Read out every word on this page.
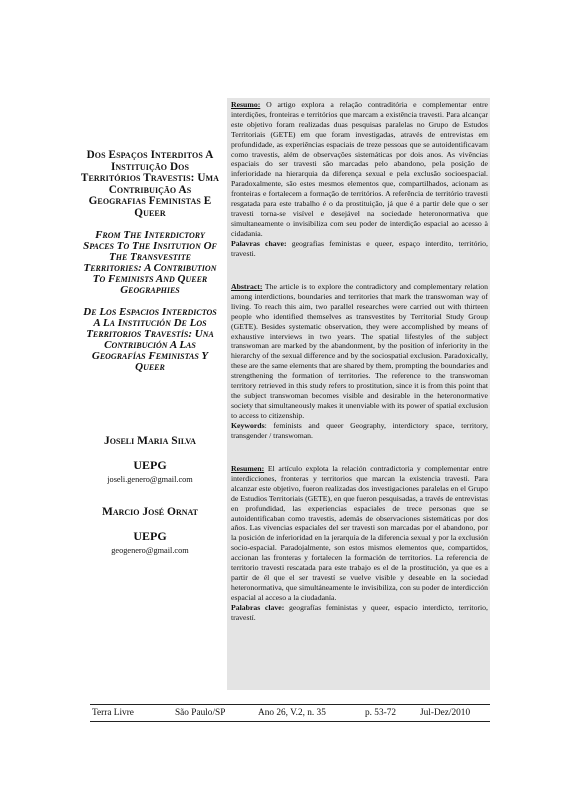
Dos Espaços Interditos A Instituição Dos Territórios Travestis: Uma Contribuição As Geografias Feministas E Queer
From The Interdictory Spaces To The Insitution Of The Transvestite Territories: A Contribution To Feminists And Queer Geographies
De Los Espacios Interdictos A La Institución De Los Territorios Travestís: Una Contribución A Las Geografías Feministas Y Queer
Joseli Maria Silva
UEPG
joseli.genero@gmail.com
Marcio José Ornat
UEPG
geogenero@gmail.com
Resumo: O artigo explora a relação contraditória e complementar entre interdições, fronteiras e territórios que marcam a existência travesti. Para alcançar este objetivo foram realizadas duas pesquisas paralelas no Grupo de Estudos Territoriais (GETE) em que foram investigadas, através de entrevistas em profundidade, as experiências espaciais de treze pessoas que se autoidentificavam como travestis, além de observações sistemáticas por dois anos. As vivências espaciais do ser travesti são marcadas pelo abandono, pela posição de inferioridade na hierarquia da diferença sexual e pela exclusão socioespacial. Paradoxalmente, são estes mesmos elementos que, compartilhados, acionam as fronteiras e fortalecem a formação de territórios. A referência de território travesti resgatada para este trabalho é o da prostituição, já que é a partir dele que o ser travesti torna-se visível e desejável na sociedade heteronormativa que simultaneamente o invisibiliza com seu poder de interdição espacial ao acesso à cidadania.
Palavras chave: geografias feministas e queer, espaço interdito, território, travesti.
Abstract: The article is to explore the contradictory and complementary relation among interdictions, boundaries and territories that mark the transwoman way of living. To reach this aim, two parallel researches were carried out with thirteen people who identified themselves as transvestites by Territorial Study Group (GETE). Besides systematic observation, they were accomplished by means of exhaustive interviews in two years. The spatial lifestyles of the subject transwoman are marked by the abandonment, by the position of inferiority in the hierarchy of the sexual difference and by the sociospatial exclusion. Paradoxically, these are the same elements that are shared by them, prompting the boundaries and strengthening the formation of territories. The reference to the transwoman territory retrieved in this study refers to prostitution, since it is from this point that the subject transwoman becomes visible and desirable in the heteronormative society that simultaneously makes it unenviable with its power of spatial exclusion to access to citizenship.
Keywords: feminists and queer Geography, interdictory space, territory, transgender / transwoman.
Resumen: El artículo explota la relación contradictoria y complementar entre interdicciones, fronteras y territorios que marcan la existencia travesti. Para alcanzar este objetivo, fueron realizadas dos investigaciones paralelas en el Grupo de Estudios Territoriais (GETE), en que fueron pesquisadas, a través de entrevistas en profundidad, las experiencias espaciales de trece personas que se autoidentificaban como travestis, además de observaciones sistemáticas por dos años. Las vivencias espaciales del ser travesti son marcadas por el abandono, por la posición de inferioridad en la jerarquía de la diferencia sexual y por la exclusión socio-espacial. Paradojalmente, son estos mismos elementos que, compartidos, accionan las fronteras y fortalecen la formación de territorios. La referencia de territorio travesti rescatada para este trabajo es el de la prostitución, ya que es a partir de él que el ser travestí se vuelve visible y deseable en la sociedad heteronormativa, que simultáneamente le invisibiliza, con su poder de interdicción espacial al acceso a la ciudadanía.
Palabras clave: geografías feministas y queer, espacio interdicto, territorio, travestí.
Terra Livre	São Paulo/SP	Ano 26, V.2, n. 35	p. 53-72	Jul-Dez/2010
